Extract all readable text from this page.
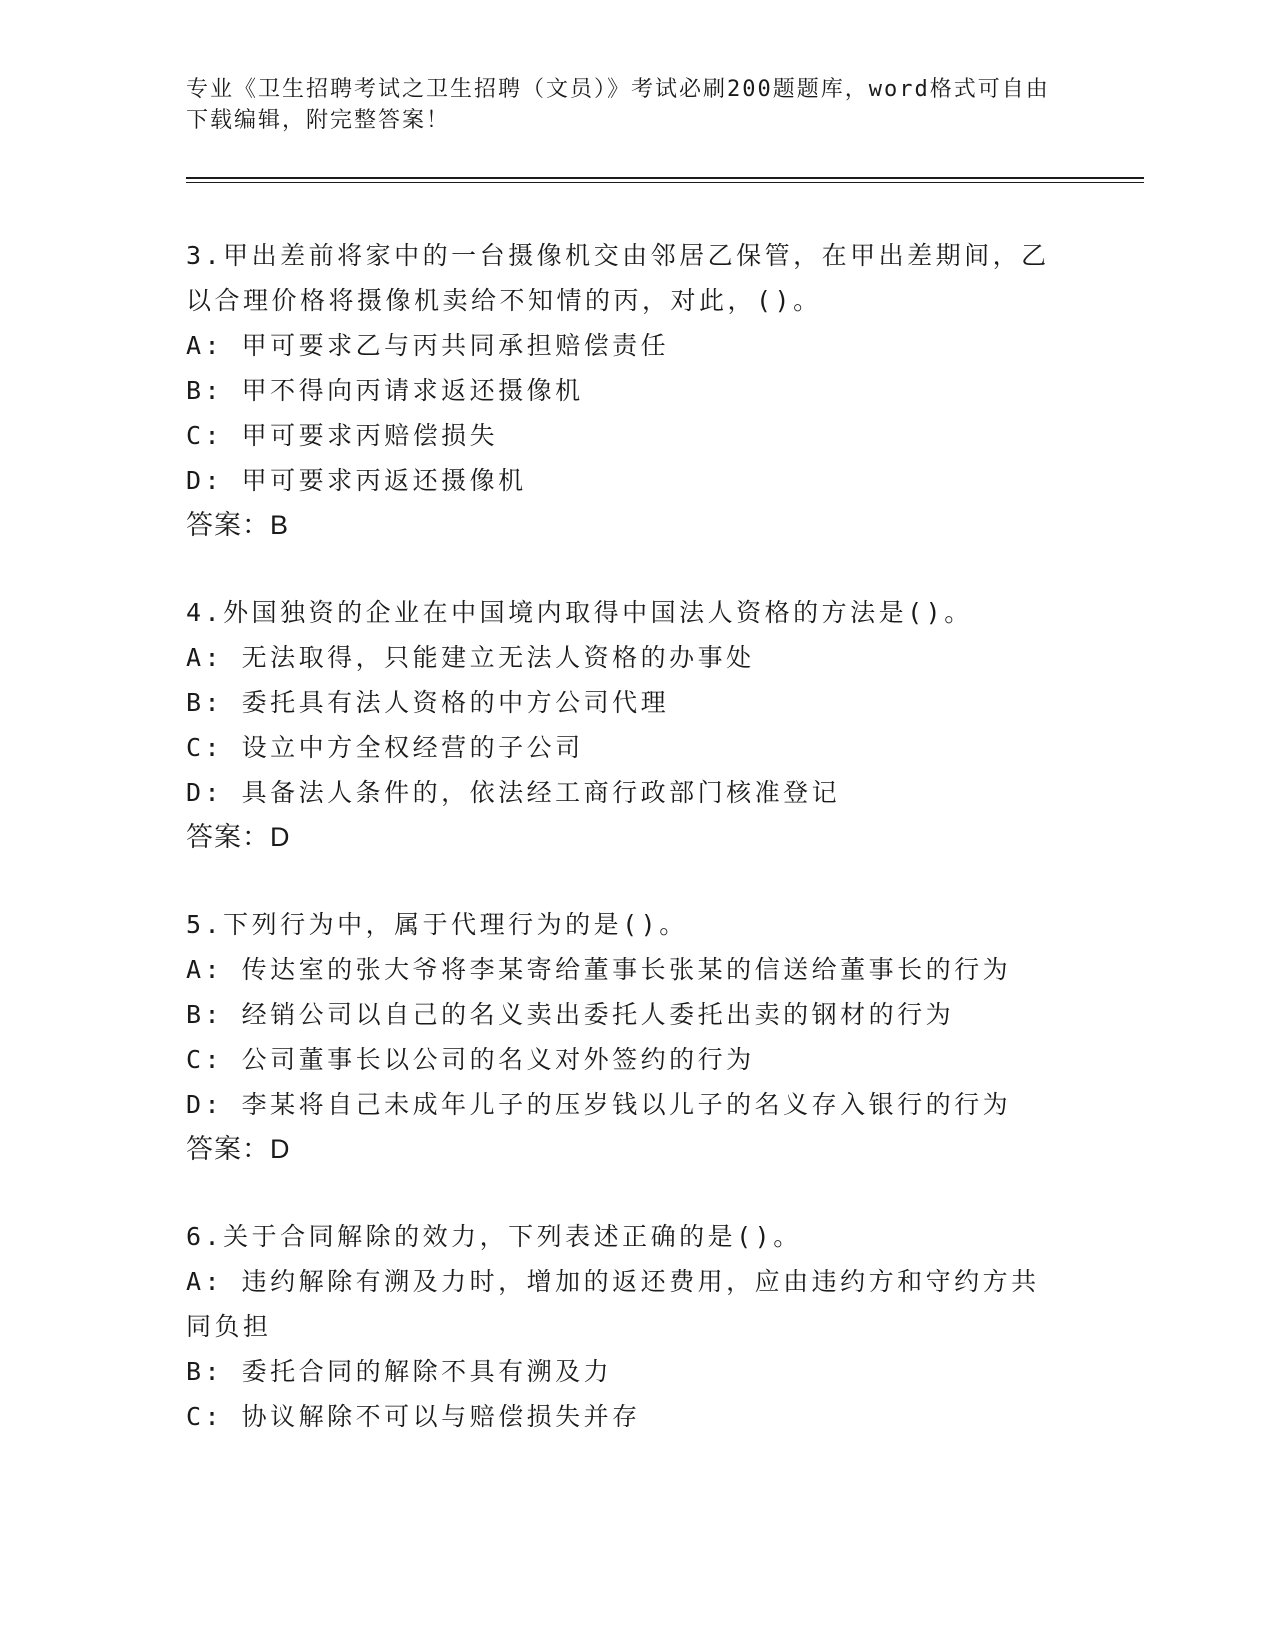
专业《卫生招聘考试之卫生招聘（文员）》考试必刷200题题库，word格式可自由下载编辑，附完整答案！
3.甲出差前将家中的一台摄像机交由邻居乙保管，在甲出差期间，乙以合理价格将摄像机卖给不知情的丙，对此，()。
A: 甲可要求乙与丙共同承担赔偿责任
B: 甲不得向丙请求返还摄像机
C: 甲可要求丙赔偿损失
D: 甲可要求丙返还摄像机
答案：B
4.外国独资的企业在中国境内取得中国法人资格的方法是()。
A: 无法取得，只能建立无法人资格的办事处
B: 委托具有法人资格的中方公司代理
C: 设立中方全权经营的子公司
D: 具备法人条件的，依法经工商行政部门核准登记
答案：D
5.下列行为中，属于代理行为的是()。
A: 传达室的张大爷将李某寄给董事长张某的信送给董事长的行为
B: 经销公司以自己的名义卖出委托人委托出卖的钢材的行为
C: 公司董事长以公司的名义对外签约的行为
D: 李某将自己未成年儿子的压岁钱以儿子的名义存入银行的行为
答案：D
6.关于合同解除的效力，下列表述正确的是()。
A: 违约解除有溯及力时，增加的返还费用，应由违约方和守约方共同负担
B: 委托合同的解除不具有溯及力
C: 协议解除不可以与赔偿损失并存
